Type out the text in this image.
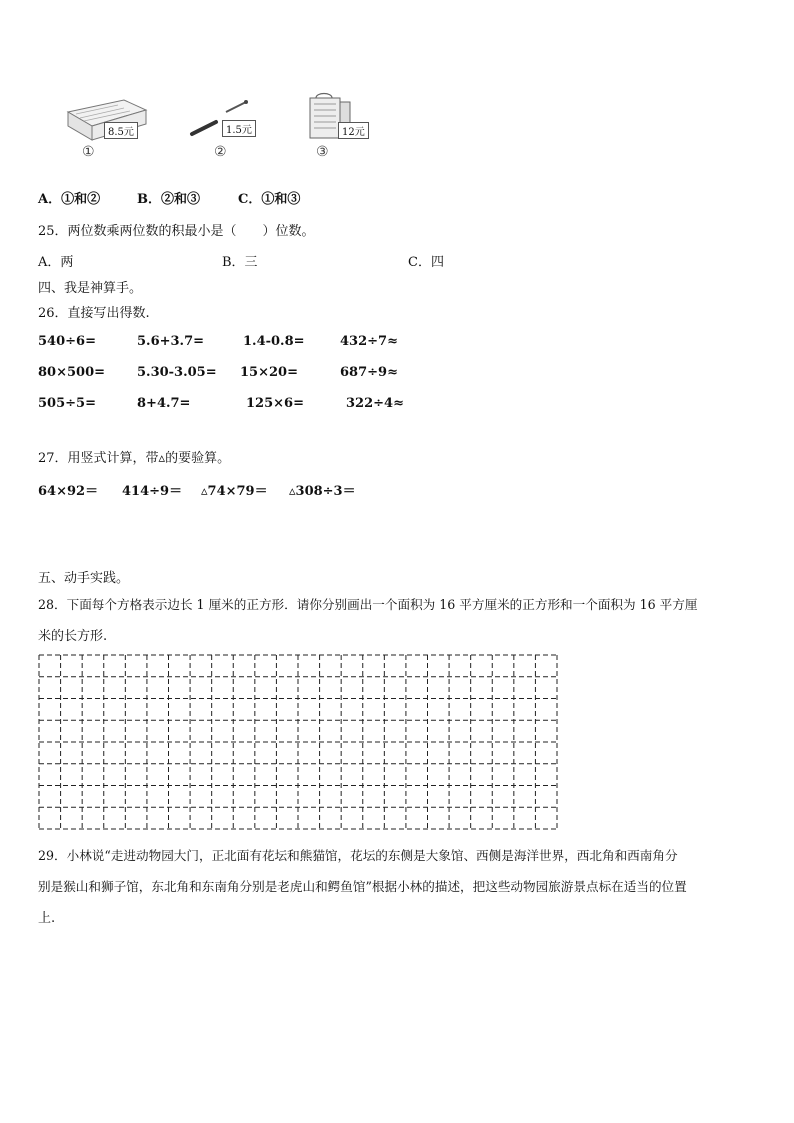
8.5元
①
1.5元
②
12元
③
A．①和②	B．②和③	C．①和③
25．两位数乘两位数的积最小是（　　）位数。
A．两	B．三	C．四
四、我是神算手。
26．直接写出得数.
540÷6=	5.6+3.7=	1.4-0.8=	432÷7≈
80×500= 5.30-3.05= 15×20=	687÷9≈
505÷5=	8+4.7=	125×6=	322÷4≈
27．用竖式计算，带▵的要验算。
64×92＝ 414÷9＝ ▵74×79＝ ▵308÷3＝
五、动手实践。
28．下面每个方格表示边长 1 厘米的正方形．请你分别画出一个面积为 16 平方厘米的正方形和一个面积为 16 平方厘
米的长方形.
29．小林说“走进动物园大门，正北面有花坛和熊猫馆，花坛的东侧是大象馆、西侧是海洋世界，西北角和西南角分
别是猴山和狮子馆，东北角和东南角分别是老虎山和鳄鱼馆”根据小林的描述，把这些动物园旅游景点标在适当的位置
上.
